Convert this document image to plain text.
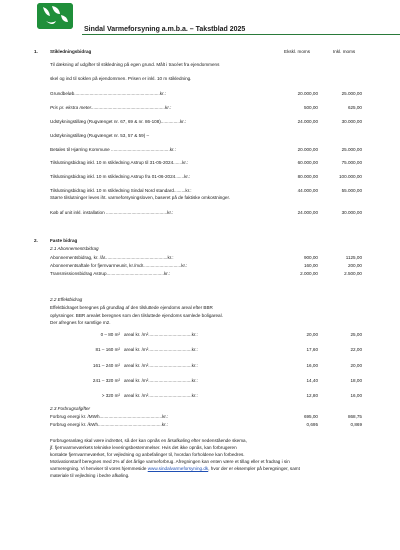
Sindal Varmeforsyning a.m.b.a. – Takstblad 2025
1.	Stikledningsbidrag	Ekskl. moms	Inkl. moms
Til dækning af udgifter til stikledning på egen grund. Målt i tracéet fra ejendommens
skel og ind til soklen på ejendommen. Prisen er inkl. 10 m stikledning.
Grundbeløb...................................................................kr.:	20.000,00	25.000,00
Pris pr. ekstra meter..........................................................kr.:	500,00	625,00
Udstykningstillæg (Rugvænget nr. 67, 69 & nr. 86-108)...............kr.:	24.000,00	30.000,00
Udstykningstillæg (Rugvænget nr. 53, 57 & 59) –
Betales til Hjørring Kommune ..............................................kr.:	20.000,00	25.000,00
Tilslutningsbidrag inkl. 10 m stikledning Astrup til 31-05-2024.......kr.:	60.000,00	75.000,00
Tilslutningsbidrag inkl. 10 m stikledning Astrup fra 01-06-2024.......kr.:	80.000,00	100.000,00
Tilslutningsbidrag inkl. 10 m stikledning Sindal Nord standard.........kr.:	44.000,00	55.000,00
Større tilslutninger leves iht. varmeforsyningsloven, baseret på de faktiske omkostninger.
Køb af unit inkl. installation ................................................kr.:	24.000,00	30.000,00
2.	Faste bidrag
2.1 Abonnementsbidrag
Abonnementsbidrag, kr. /år.................................................kr.:	900,00	1125,00
Abonnementsaftale for fjernvarmeunit, kr./mdr..............................kr.:	160,00	200,00
Transmissionsbidrag Astrup.............................................kr.:	2.000,00	2.500,00
2.2 Effektbidrag
Effektbidraget beregnes på grundlag af den tilsluttede ejendoms areal efter BBR
oplysninger. BBR arealet beregnes som den tilsluttede ejendoms samlede boligareal.
Der afregnes for samtlige m2.
0 – 80 m² areal kr. /m²..................................kr.:	20,00	25,00
81 – 160 m² areal kr. /m²..................................kr.:	17,60	22,00
161 – 240 m² areal kr. /m²..................................kr.:	16,00	20,00
241 – 320 m² areal kr. /m²..................................kr.:	14,40	18,00
> 320 m² areal kr. /m²..................................kr.:	12,80	16,00
2.3 Forbrugsafgifter
Forbrug energi kr. /MWh.................................................kr.:	695,00	868,75
Forbrug energi kr. /kWh..................................................kr.:	0,695	0,869
Forbrugeranlæg skal være indrettet, så der kan opnås en årsafkøling efter nedenstående skema,
jf. fjernvarmeværkets tekniske leveringsbestemmelser. Hvis det ikke opnås, kan forbrugeren
kontakte fjernvarmeværket, for vejledning og anbefalinger til, hvordan forholdene kan forbedres.
Motivationstarif beregnes med 2% af det årlige varmeforbrug. Afregningen kan enten være et tillag eller et fradrag i sin
varmeregning. Vi henviser til vores hjemmeside www.sindalvarmeforsyning.dk, hvor der er eksempler på beregninger, samt
materiale til vejledning i bedre afkøling.
